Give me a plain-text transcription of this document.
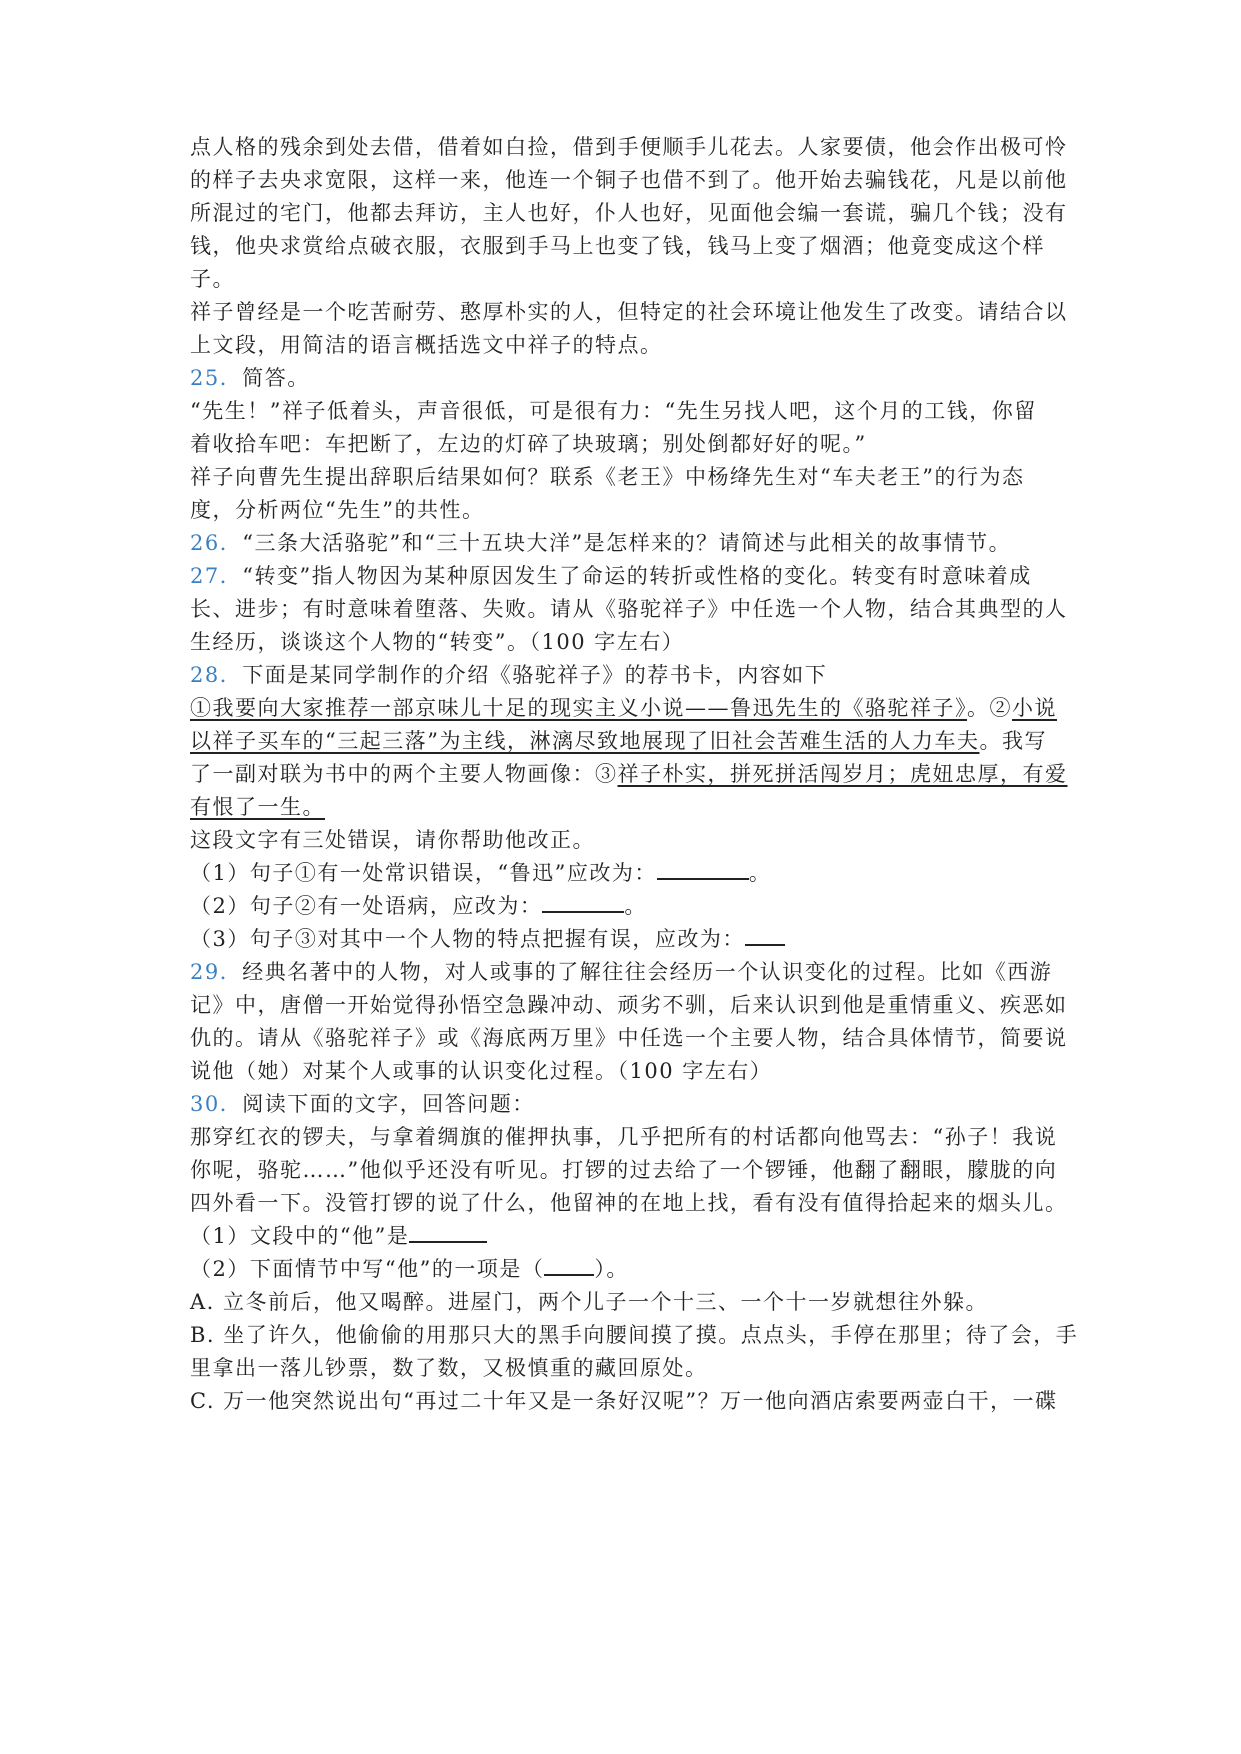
点人格的残余到处去借，借着如白捡，借到手便顺手儿花去。人家要债，他会作出极可怜
的样子去央求宽限，这样一来，他连一个铜子也借不到了。他开始去骗钱花，凡是以前他
所混过的宅门，他都去拜访，主人也好，仆人也好，见面他会编一套谎，骗几个钱；没有
钱，他央求赏给点破衣服，衣服到手马上也变了钱，钱马上变了烟酒；他竟变成这个样
子。
祥子曾经是一个吃苦耐劳、憨厚朴实的人，但特定的社会环境让他发生了改变。请结合以
上文段，用简洁的语言概括选文中祥子的特点。
25．简答。
“先生！”祥子低着头，声音很低，可是很有力：“先生另找人吧，这个月的工钱，你留
着收拾车吧：车把断了，左边的灯碎了块玻璃；别处倒都好好的呢。”
祥子向曹先生提出辞职后结果如何？联系《老王》中杨绛先生对“车夫老王”的行为态
度，分析两位“先生”的共性。
26．“三条大活骆驼”和“三十五块大洋”是怎样来的？请简述与此相关的故事情节。
27．“转变”指人物因为某种原因发生了命运的转折或性格的变化。转变有时意味着成
长、进步；有时意味着堕落、失败。请从《骆驼祥子》中任选一个人物，结合其典型的人
生经历，谈谈这个人物的“转变”。（100 字左右）
28．下面是某同学制作的介绍《骆驼祥子》的荐书卡，内容如下
①我要向大家推荐一部京味儿十足的现实主义小说——鲁迅先生的《骆驼祥子》。②小说
以祥子买车的“三起三落”为主线，淋漓尽致地展现了旧社会苦难生活的人力车夫。我写
了一副对联为书中的两个主要人物画像：③祥子朴实，拼死拼活闯岁月；虎妞忠厚，有爱
有恨了一生。
这段文字有三处错误，请你帮助他改正。
（1）句子①有一处常识错误，“鲁迅”应改为：	。
（2）句子②有一处语病，应改为：	。
（3）句子③对其中一个人物的特点把握有误，应改为：
29．经典名著中的人物，对人或事的了解往往会经历一个认识变化的过程。比如《西游
记》中，唐僧一开始觉得孙悟空急躁冲动、顽劣不驯，后来认识到他是重情重义、疾恶如
仇的。请从《骆驼祥子》或《海底两万里》中任选一个主要人物，结合具体情节，简要说
说他（她）对某个人或事的认识变化过程。（100 字左右）
30．阅读下面的文字，回答问题：
那穿红衣的锣夫，与拿着绸旗的催押执事，几乎把所有的村话都向他骂去：“孙子！我说
你呢，骆驼……”他似乎还没有听见。打锣的过去给了一个锣锤，他翻了翻眼，朦胧的向
四外看一下。没管打锣的说了什么，他留神的在地上找，看有没有值得拾起来的烟头儿。
（1）文段中的“他”是
（2）下面情节中写“他”的一项是（ ）。
A. 立冬前后，他又喝醉。进屋门，两个儿子一个十三、一个十一岁就想往外躲。
B. 坐了许久，他偷偷的用那只大的黑手向腰间摸了摸。点点头，手停在那里；待了会，手
里拿出一落儿钞票，数了数，又极慎重的藏回原处。
C. 万一他突然说出句“再过二十年又是一条好汉呢”？万一他向酒店索要两壶白干，一碟
